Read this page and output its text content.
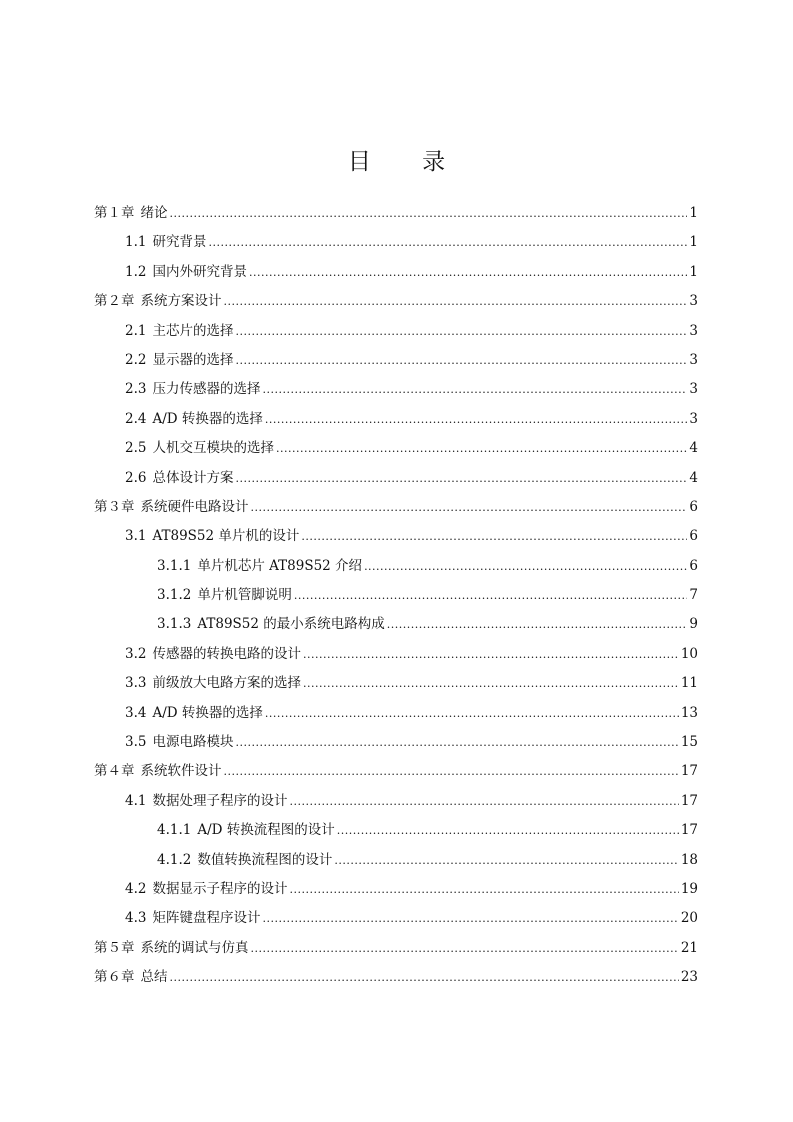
目 录
第１章 绪论 .....	1
1.1 研究背景 .....	1
1.2 国内外研究背景 .....	1
第２章 系统方案设计 .....	3
2.1 主芯片的选择 .....	3
2.2 显示器的选择 .....	3
2.3 压力传感器的选择 .....	3
2.4 A/D 转换器的选择 .....	3
2.5 人机交互模块的选择 .....	4
2.6 总体设计方案 .....	4
第３章 系统硬件电路设计 .....	6
3.1 AT89S52 单片机的设计 .....	6
3.1.1 单片机芯片 AT89S52 介绍 .....	6
3.1.2 单片机管脚说明 .....	7
3.1.3 AT89S52 的最小系统电路构成 .....	9
3.2 传感器的转换电路的设计 .....	10
3.3 前级放大电路方案的选择 .....	11
3.4 A/D 转换器的选择 .....	13
3.5 电源电路模块 .....	15
第４章 系统软件设计 .....	17
4.1 数据处理子程序的设计 .....	17
4.1.1 A/D 转换流程图的设计 .....	17
4.1.2 数值转换流程图的设计 .....	18
4.2 数据显示子程序的设计 .....	19
4.3 矩阵键盘程序设计 .....	20
第５章 系统的调试与仿真 .....	21
第６章 总结 .....	23
